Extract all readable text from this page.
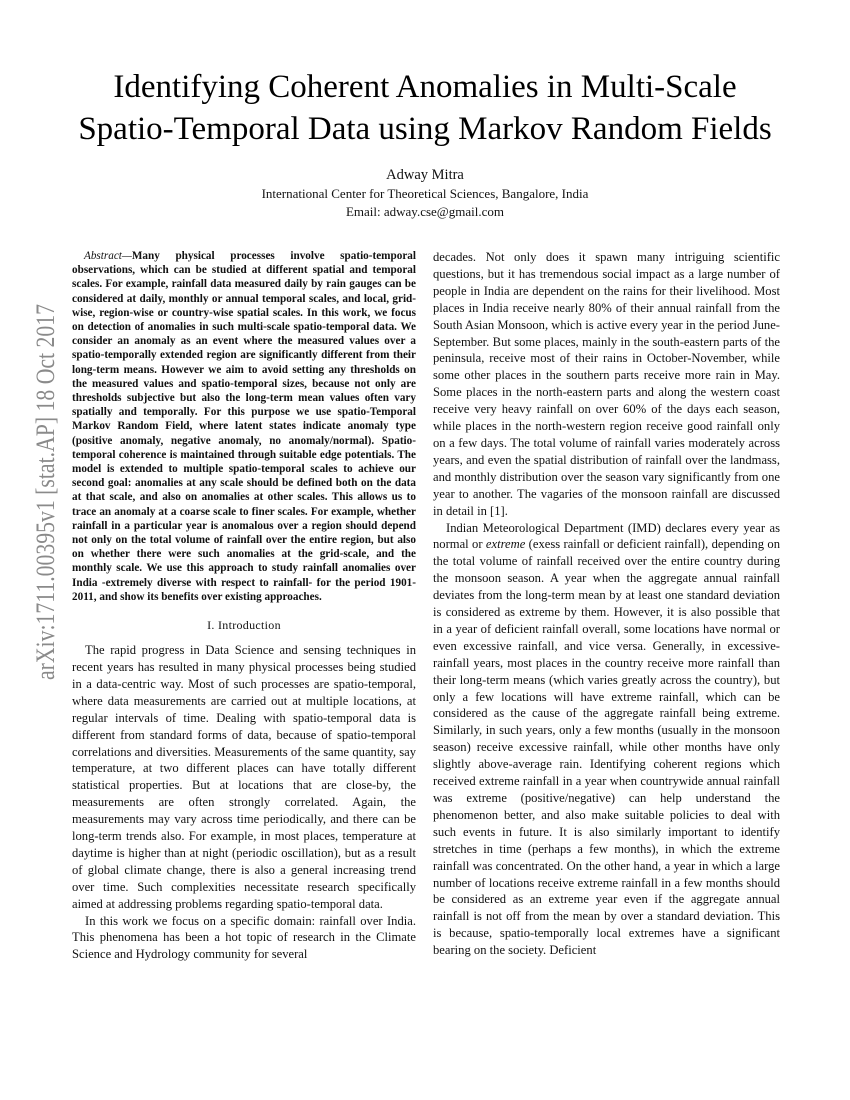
arXiv:1711.00395v1 [stat.AP] 18 Oct 2017
Identifying Coherent Anomalies in Multi-Scale
Spatio-Temporal Data using Markov Random Fields
Adway Mitra
International Center for Theoretical Sciences, Bangalore, India
Email: adway.cse@gmail.com

Abstract—Many physical processes involve spatio-temporal observations, which can be studied at different spatial and temporal scales. For example, rainfall data measured daily by rain gauges can be considered at daily, monthly or annual temporal scales, and local, grid-wise, region-wise or country-wise spatial scales. In this work, we focus on detection of anomalies in such multi-scale spatio-temporal data. We consider an anomaly as an event where the measured values over a spatio-temporally extended region are significantly different from their long-term means. However we aim to avoid setting any thresholds on the measured values and spatio-temporal sizes, because not only are thresholds subjective but also the long-term mean values often vary spatially and temporally. For this purpose we use spatio-Temporal Markov Random Field, where latent states indicate anomaly type (positive anomaly, negative anomaly, no anomaly/normal). Spatio-temporal coherence is maintained through suitable edge potentials. The model is extended to multiple spatio-temporal scales to achieve our second goal: anomalies at any scale should be defined both on the data at that scale, and also on anomalies at other scales. This allows us to trace an anomaly at a coarse scale to finer scales. For example, whether rainfall in a particular year is anomalous over a region should depend not only on the total volume of rainfall over the entire region, but also on whether there were such anomalies at the grid-scale, and the monthly scale. We use this approach to study rainfall anomalies over India -extremely diverse with respect to rainfall- for the period 1901-2011, and show its benefits over existing approaches.

I. Introduction

The rapid progress in Data Science and sensing techniques in recent years has resulted in many physical processes being studied in a data-centric way. Most of such processes are spatio-temporal, where data measurements are carried out at multiple locations, at regular intervals of time. Dealing with spatio-temporal data is different from standard forms of data, because of spatio-temporal correlations and diversities. Measurements of the same quantity, say temperature, at two different places can have totally different statistical properties. But at locations that are close-by, the measurements are often strongly correlated. Again, the measurements may vary across time periodically, and there can be long-term trends also. For example, in most places, temperature at daytime is higher than at night (periodic oscillation), but as a result of global climate change, there is also a general increasing trend over time. Such complexities necessitate research specifically aimed at addressing problems regarding spatio-temporal data.

In this work we focus on a specific domain: rainfall over India. This phenomena has been a hot topic of research in the Climate Science and Hydrology community for several

decades. Not only does it spawn many intriguing scientific questions, but it has tremendous social impact as a large number of people in India are dependent on the rains for their livelihood. Most places in India receive nearly 80% of their annual rainfall from the South Asian Monsoon, which is active every year in the period June-September. But some places, mainly in the south-eastern parts of the peninsula, receive most of their rains in October-November, while some other places in the southern parts receive more rain in May. Some places in the north-eastern parts and along the western coast receive very heavy rainfall on over 60% of the days each season, while places in the north-western region receive good rainfall only on a few days. The total volume of rainfall varies moderately across years, and even the spatial distribution of rainfall over the landmass, and monthly distribution over the season vary significantly from one year to another. The vagaries of the monsoon rainfall are discussed in detail in [1].

Indian Meteorological Department (IMD) declares every year as normal or extreme (exess rainfall or deficient rainfall), depending on the total volume of rainfall received over the entire country during the monsoon season. A year when the aggregate annual rainfall deviates from the long-term mean by at least one standard deviation is considered as extreme by them. However, it is also possible that in a year of deficient rainfall overall, some locations have normal or even excessive rainfall, and vice versa. Generally, in excessive-rainfall years, most places in the country receive more rainfall than their long-term means (which varies greatly across the country), but only a few locations will have extreme rainfall, which can be considered as the cause of the aggregate rainfall being extreme. Similarly, in such years, only a few months (usually in the monsoon season) receive excessive rainfall, while other months have only slightly above-average rain. Identifying coherent regions which received extreme rainfall in a year when countrywide annual rainfall was extreme (positive/negative) can help understand the phenomenon better, and also make suitable policies to deal with such events in future. It is also similarly important to identify stretches in time (perhaps a few months), in which the extreme rainfall was concentrated. On the other hand, a year in which a large number of locations receive extreme rainfall in a few months should be considered as an extreme year even if the aggregate annual rainfall is not off from the mean by over a standard deviation. This is because, spatio-temporally local extremes have a significant bearing on the society. Deficient
